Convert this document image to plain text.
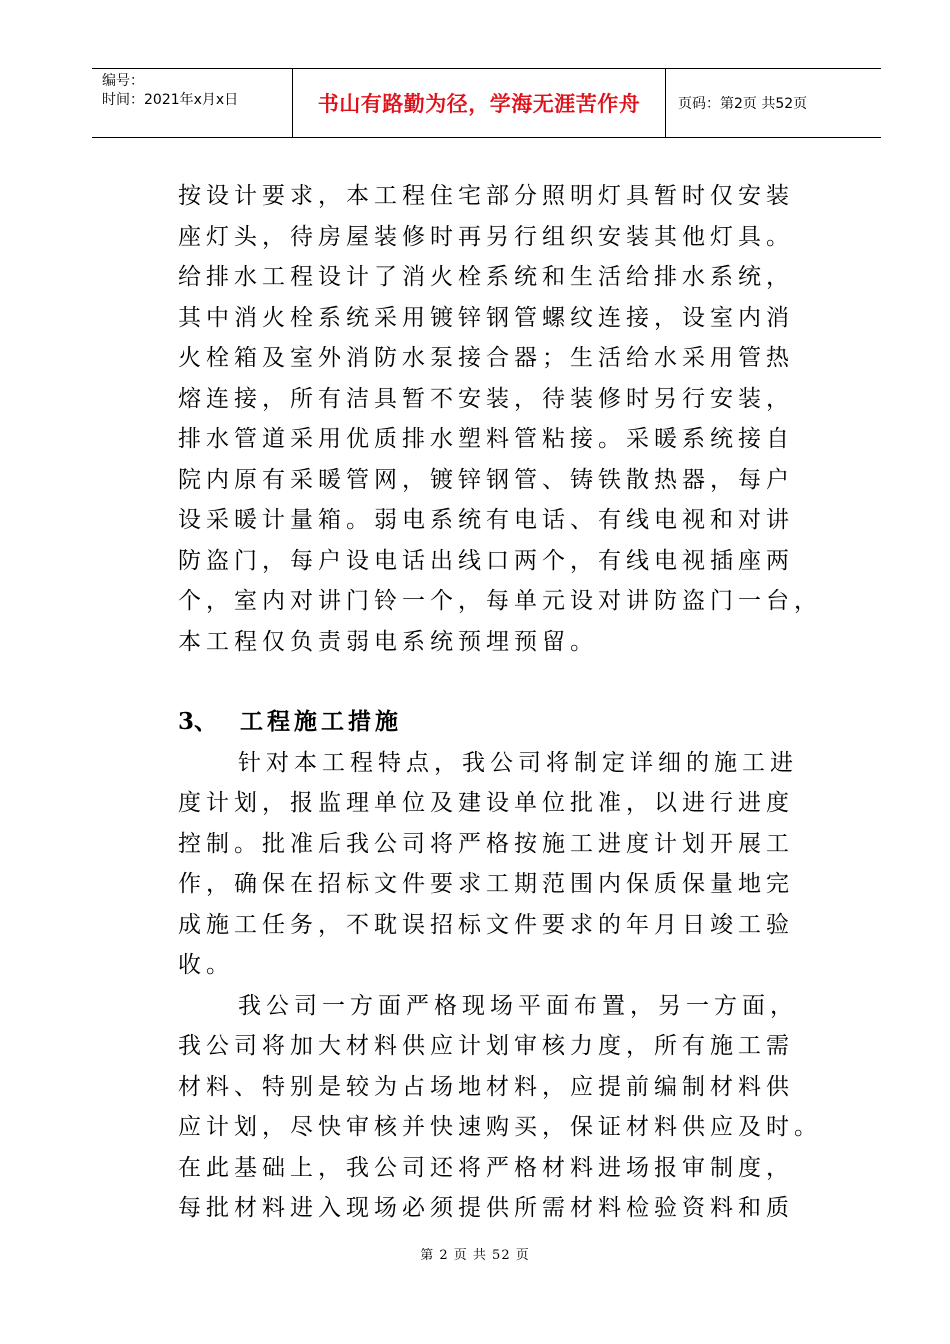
编号：
时间：2021年x月x日	书山有路勤为径，学海无涯苦作舟	页码：第2页 共52页
按设计要求，本工程住宅部分照明灯具暂时仅安装
座灯头，待房屋装修时再另行组织安装其他灯具。
给排水工程设计了消火栓系统和生活给排水系统，
其中消火栓系统采用镀锌钢管螺纹连接，设室内消
火栓箱及室外消防水泵接合器；生活给水采用管热
熔连接，所有洁具暂不安装，待装修时另行安装，
排水管道采用优质排水塑料管粘接。采暖系统接自
院内原有采暖管网，镀锌钢管、铸铁散热器，每户
设采暖计量箱。弱电系统有电话、有线电视和对讲
防盗门，每户设电话出线口两个，有线电视插座两
个，室内对讲门铃一个，每单元设对讲防盗门一台，
本工程仅负责弱电系统预埋预留。
3、 工程施工措施
针对本工程特点，我公司将制定详细的施工进
度计划，报监理单位及建设单位批准，以进行进度
控制。批准后我公司将严格按施工进度计划开展工
作，确保在招标文件要求工期范围内保质保量地完
成施工任务，不耽误招标文件要求的年月日竣工验
收。
我公司一方面严格现场平面布置，另一方面，
我公司将加大材料供应计划审核力度，所有施工需
材料、特别是较为占场地材料，应提前编制材料供
应计划，尽快审核并快速购买，保证材料供应及时。
在此基础上，我公司还将严格材料进场报审制度，
每批材料进入现场必须提供所需材料检验资料和质
第 2 页 共 52 页
